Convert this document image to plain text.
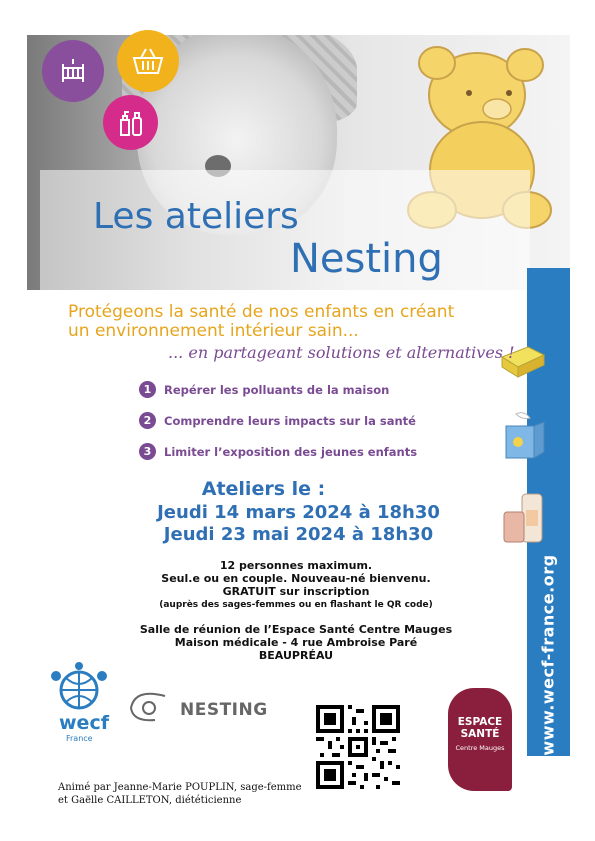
Les ateliers
Nesting
www.wecf-france.org
Protégeons la santé de nos enfants en créant
un environnement intérieur sain...
... en partageant solutions et alternatives !
1	Repérer les polluants de la maison
2	Comprendre leurs impacts sur la santé
3	Limiter l’exposition des jeunes enfants
Ateliers le :
Jeudi 14 mars 2024 à 18h30
Jeudi 23 mai 2024 à 18h30
12 personnes maximum.
Seul.e ou en couple. Nouveau-né bienvenu.
GRATUIT sur inscription
(auprès des sages-femmes ou en flashant le QR code)
Salle de réunion de l’Espace Santé Centre Mauges
Maison médicale - 4 rue Ambroise Paré
BEAUPRÉAU
wecf
France
NESTING
ESPACE
SANTÉ
Centre Mauges
Animé par Jeanne-Marie POUPLIN, sage-femme
et Gaëlle CAILLETON, diététicienne
